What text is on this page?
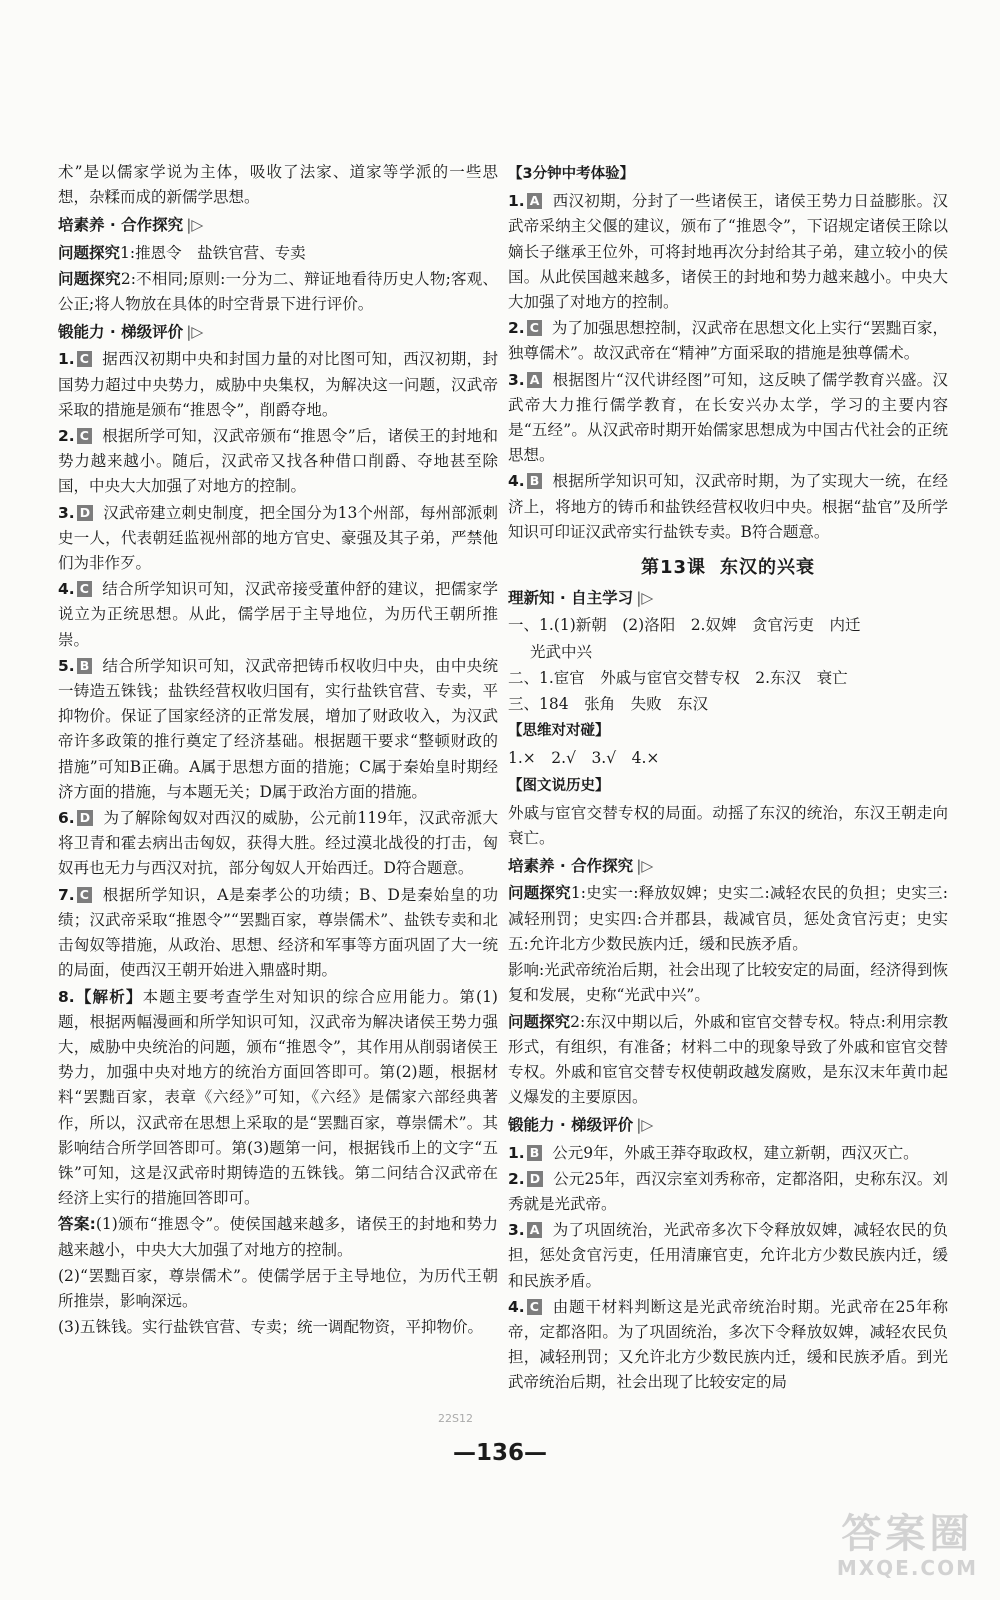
术”是以儒家学说为主体，吸收了法家、道家等学派的一些思想，杂糅而成的新儒学思想。

培素养 · 合作探究 |▷

问题探究1:推恩令　盐铁官营、专卖

问题探究2:不相同;原则:一分为二、辩证地看待历史人物;客观、公正;将人物放在具体的时空背景下进行评价。

锻能力 · 梯级评价 |▷

1. C 据西汉初期中央和封国力量的对比图可知，西汉初期，封国势力超过中央势力，威胁中央集权，为解决这一问题，汉武帝采取的措施是颁布“推恩令”，削爵夺地。

2. C 根据所学可知，汉武帝颁布“推恩令”后，诸侯王的封地和势力越来越小。随后，汉武帝又找各种借口削爵、夺地甚至除国，中央大大加强了对地方的控制。

3. D 汉武帝建立刺史制度，把全国分为13个州部，每州部派刺史一人，代表朝廷监视州部的地方官史、豪强及其子弟，严禁他们为非作歹。

4. C 结合所学知识可知，汉武帝接受董仲舒的建议，把儒家学说立为正统思想。从此，儒学居于主导地位，为历代王朝所推崇。

5. B 结合所学知识可知，汉武帝把铸币权收归中央，由中央统一铸造五铢钱；盐铁经营权收归国有，实行盐铁官营、专卖，平抑物价。保证了国家经济的正常发展，增加了财政收入，为汉武帝许多政策的推行奠定了经济基础。根据题干要求“整顿财政的措施”可知B正确。A属于思想方面的措施；C属于秦始皇时期经济方面的措施，与本题无关；D属于政治方面的措施。

6. D 为了解除匈奴对西汉的威胁，公元前119年，汉武帝派大将卫青和霍去病出击匈奴，获得大胜。经过漠北战役的打击，匈奴再也无力与西汉对抗，部分匈奴人开始西迁。D符合题意。

7. C 根据所学知识，A是秦孝公的功绩；B、D是秦始皇的功绩；汉武帝采取“推恩令”“罢黜百家，尊崇儒术”、盐铁专卖和北击匈奴等措施，从政治、思想、经济和军事等方面巩固了大一统的局面，使西汉王朝开始进入鼎盛时期。

8.【解析】本题主要考查学生对知识的综合应用能力。第(1)题，根据两幅漫画和所学知识可知，汉武帝为解决诸侯王势力强大，威胁中央统治的问题，颁布“推恩令”，其作用从削弱诸侯王势力，加强中央对地方的统治方面回答即可。第(2)题，根据材料“罢黜百家，表章《六经》”可知，《六经》是儒家六部经典著作，所以，汉武帝在思想上采取的是“罢黜百家，尊崇儒术”。其影响结合所学回答即可。第(3)题第一问，根据钱币上的文字“五铢”可知，这是汉武帝时期铸造的五铢钱。第二问结合汉武帝在经济上实行的措施回答即可。

答案:(1)颁布“推恩令”。使侯国越来越多，诸侯王的封地和势力越来越小，中央大大加强了对地方的控制。

(2)“罢黜百家，尊崇儒术”。使儒学居于主导地位，为历代王朝所推崇，影响深远。

(3)五铢钱。实行盐铁官营、专卖；统一调配物资，平抑物价。

【3分钟中考体验】

1. A 西汉初期，分封了一些诸侯王，诸侯王势力日益膨胀。汉武帝采纳主父偃的建议，颁布了“推恩令”，下诏规定诸侯王除以嫡长子继承王位外，可将封地再次分封给其子弟，建立较小的侯国。从此侯国越来越多，诸侯王的封地和势力越来越小。中央大大加强了对地方的控制。

2. C 为了加强思想控制，汉武帝在思想文化上实行“罢黜百家，独尊儒术”。故汉武帝在“精神”方面采取的措施是独尊儒术。

3. A 根据图片“汉代讲经图”可知，这反映了儒学教育兴盛。汉武帝大力推行儒学教育，在长安兴办太学，学习的主要内容是“五经”。从汉武帝时期开始儒家思想成为中国古代社会的正统思想。

4. B 根据所学知识可知，汉武帝时期，为了实现大一统，在经济上，将地方的铸币和盐铁经营权收归中央。根据“盐官”及所学知识可印证汉武帝实行盐铁专卖。B符合题意。

第13课 东汉的兴衰
理新知 · 自主学习 |▷

一、1.(1)新朝　(2)洛阳　2.奴婢　贪官污吏　内迁

光武中兴

二、1.宦官　外戚与宦官交替专权　2.东汉　衰亡

三、184　张角　失败　东汉

【思维对对碰】

1.×　2.√　3.√　4.×

【图文说历史】

外戚与宦官交替专权的局面。动摇了东汉的统治，东汉王朝走向衰亡。

培素养 · 合作探究 |▷

问题探究1:史实一:释放奴婢；史实二:减轻农民的负担；史实三:减轻刑罚；史实四:合并郡县，裁减官员，惩处贪官污吏；史实五:允许北方少数民族内迁，缓和民族矛盾。

影响:光武帝统治后期，社会出现了比较安定的局面，经济得到恢复和发展，史称“光武中兴”。

问题探究2:东汉中期以后，外戚和宦官交替专权。特点:利用宗教形式，有组织，有准备；材料二中的现象导致了外戚和宦官交替专权。外戚和宦官交替专权使朝政越发腐败，是东汉末年黄巾起义爆发的主要原因。

锻能力 · 梯级评价 |▷

1. B 公元9年，外戚王莽夺取政权，建立新朝，西汉灭亡。

2. D 公元25年，西汉宗室刘秀称帝，定都洛阳，史称东汉。刘秀就是光武帝。

3. A 为了巩固统治，光武帝多次下令释放奴婢，减轻农民的负担，惩处贪官污吏，任用清廉官吏，允许北方少数民族内迁，缓和民族矛盾。

4. C 由题干材料判断这是光武帝统治时期。光武帝在25年称帝，定都洛阳。为了巩固统治，多次下令释放奴婢，减轻农民负担，减轻刑罚；又允许北方少数民族内迁，缓和民族矛盾。到光武帝统治后期，社会出现了比较安定的局

22S12
—136—
答案圈
MXQE.COM
